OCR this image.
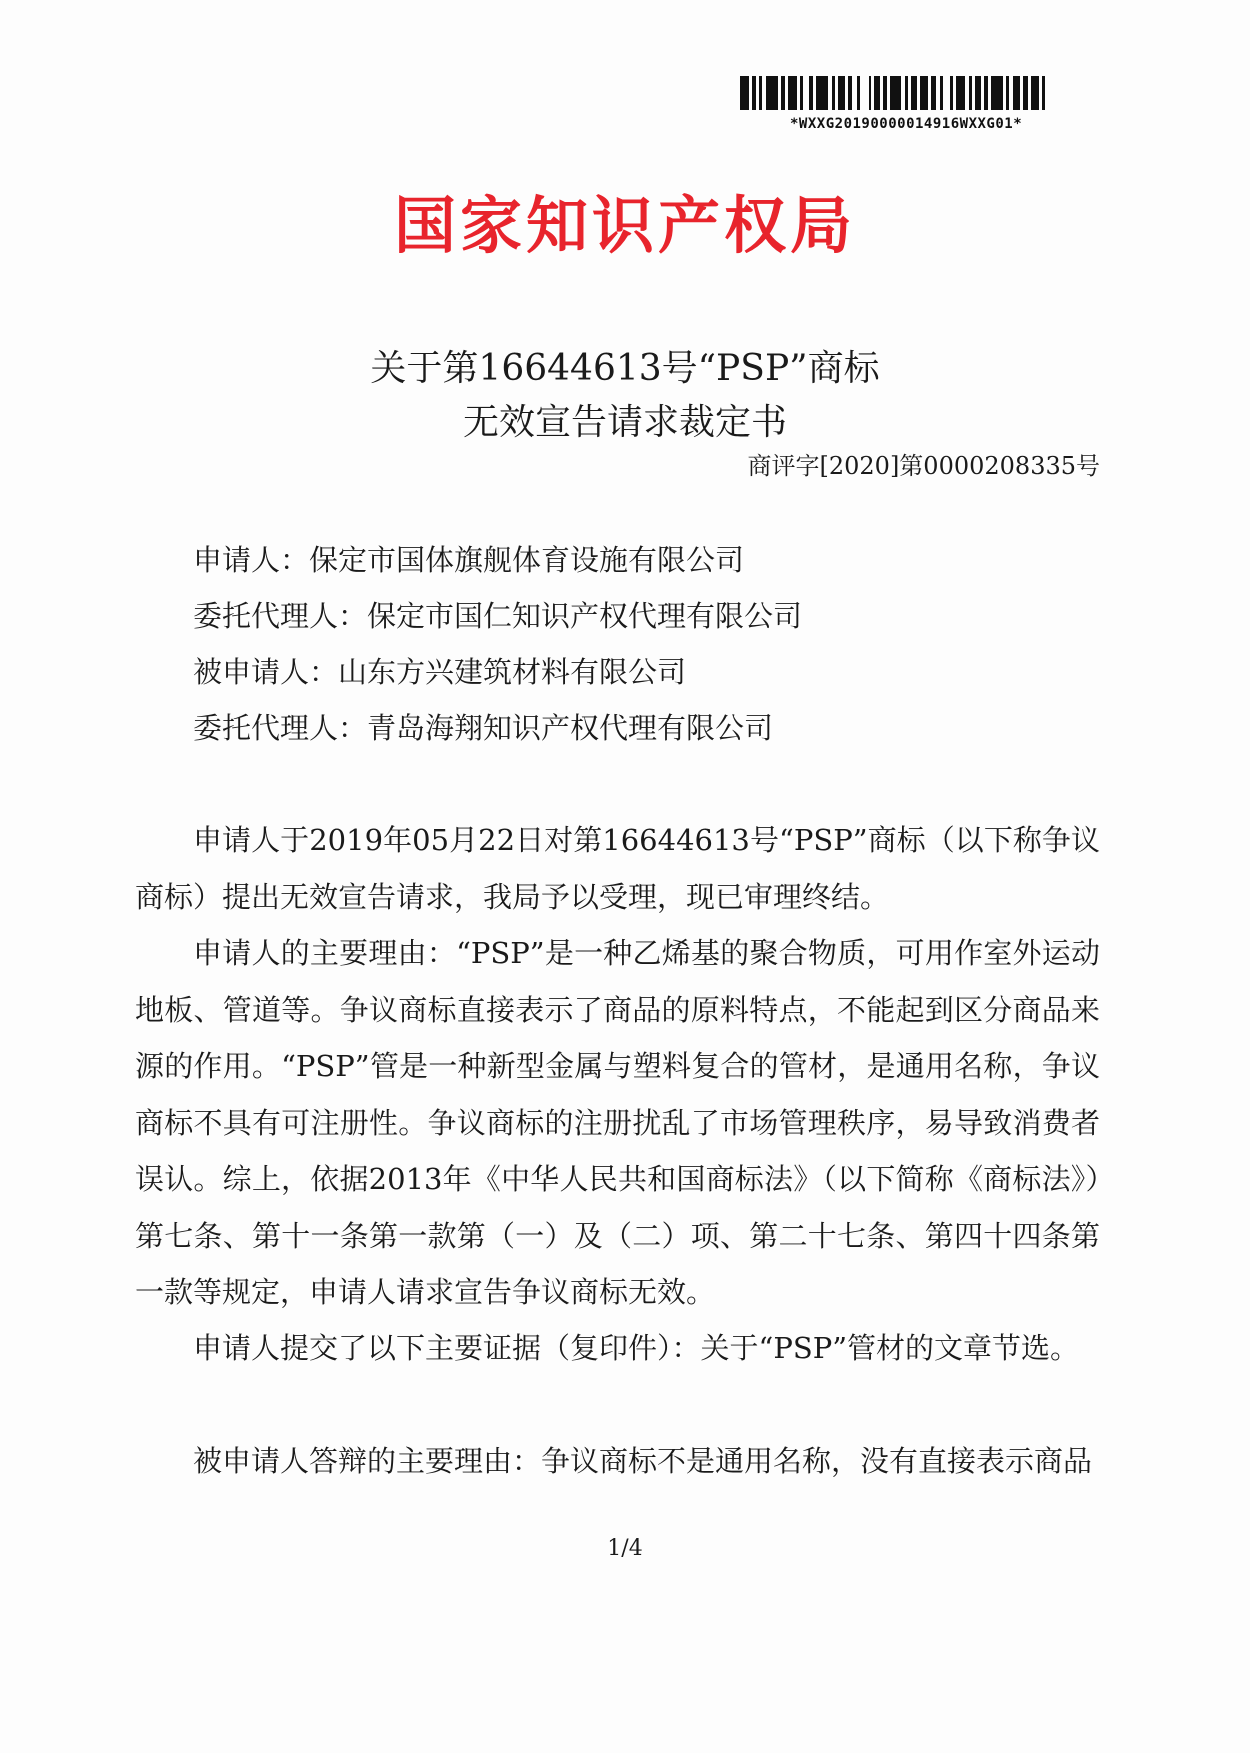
*WXXG20190000014916WXXG01*
国家知识产权局
关于第16644613号“PSP”商标
无效宣告请求裁定书
商评字[2020]第0000208335号
申请人：保定市国体旗舰体育设施有限公司
委托代理人：保定市国仁知识产权代理有限公司
被申请人：山东方兴建筑材料有限公司
委托代理人：青岛海翔知识产权代理有限公司

申请人于2019年05月22日对第16644613号“PSP”商标（以下称争议商标）提出无效宣告请求，我局予以受理，现已审理终结。

申请人的主要理由：“PSP”是一种乙烯基的聚合物质，可用作室外运动地板、管道等。争议商标直接表示了商品的原料特点，不能起到区分商品来源的作用。“PSP”管是一种新型金属与塑料复合的管材，是通用名称，争议商标不具有可注册性。争议商标的注册扰乱了市场管理秩序，易导致消费者误认。综上，依据2013年《中华人民共和国商标法》（以下简称《商标法》）第七条、第十一条第一款第（一）及（二）项、第二十七条、第四十四条第一款等规定，申请人请求宣告争议商标无效。

申请人提交了以下主要证据（复印件）：关于“PSP”管材的文章节选。

被申请人答辩的主要理由：争议商标不是通用名称，没有直接表示商品

1/4
